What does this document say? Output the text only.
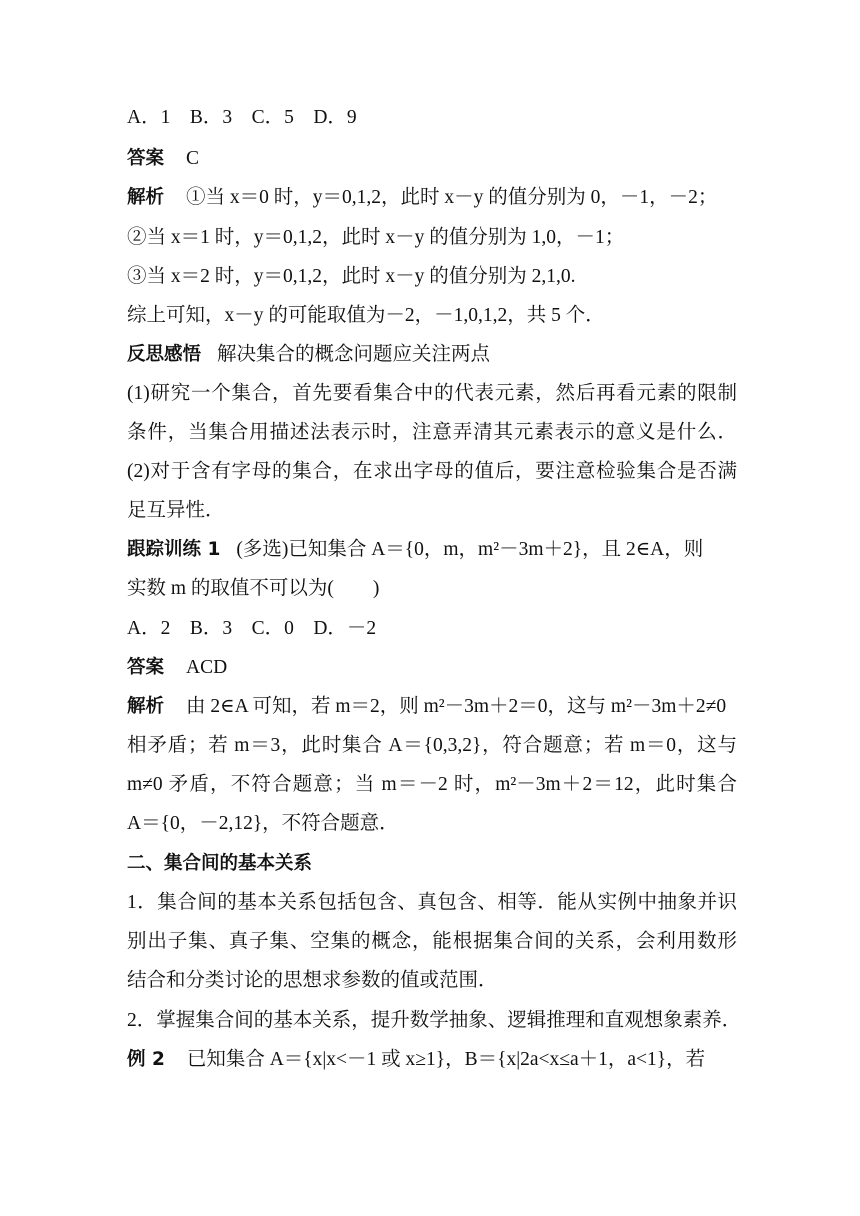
A．1　B．3　C．5　D．9
答案 C
解析 ①当 x＝0 时，y＝0,1,2，此时 x－y 的值分别为 0，－1，－2；
②当 x＝1 时，y＝0,1,2，此时 x－y 的值分别为 1,0，－1；
③当 x＝2 时，y＝0,1,2，此时 x－y 的值分别为 2,1,0.
综上可知，x－y 的可能取值为－2，－1,0,1,2，共 5 个．
反思感悟 解决集合的概念问题应关注两点
(1)研究一个集合，首先要看集合中的代表元素，然后再看元素的限制
条件，当集合用描述法表示时，注意弄清其元素表示的意义是什么．
(2)对于含有字母的集合，在求出字母的值后，要注意检验集合是否满
足互异性．
跟踪训练 1 (多选)已知集合 A＝{0，m，m²－3m＋2}，且 2∈A，则
实数 m 的取值不可以为(　　)
A．2　B．3　C．0　D．－2
答案 ACD
解析 由 2∈A 可知，若 m＝2，则 m²－3m＋2＝0，这与 m²－3m＋2≠0
相矛盾；若 m＝3，此时集合 A＝{0,3,2}，符合题意；若 m＝0，这与
m≠0 矛盾，不符合题意；当 m＝－2 时，m²－3m＋2＝12，此时集合
A＝{0，－2,12}，不符合题意．
二、集合间的基本关系
1．集合间的基本关系包括包含、真包含、相等．能从实例中抽象并识
别出子集、真子集、空集的概念，能根据集合间的关系，会利用数形
结合和分类讨论的思想求参数的值或范围．
2．掌握集合间的基本关系，提升数学抽象、逻辑推理和直观想象素养．
例 2 已知集合 A＝{x|x<－1 或 x≥1}，B＝{x|2a<x≤a＋1，a<1}，若
